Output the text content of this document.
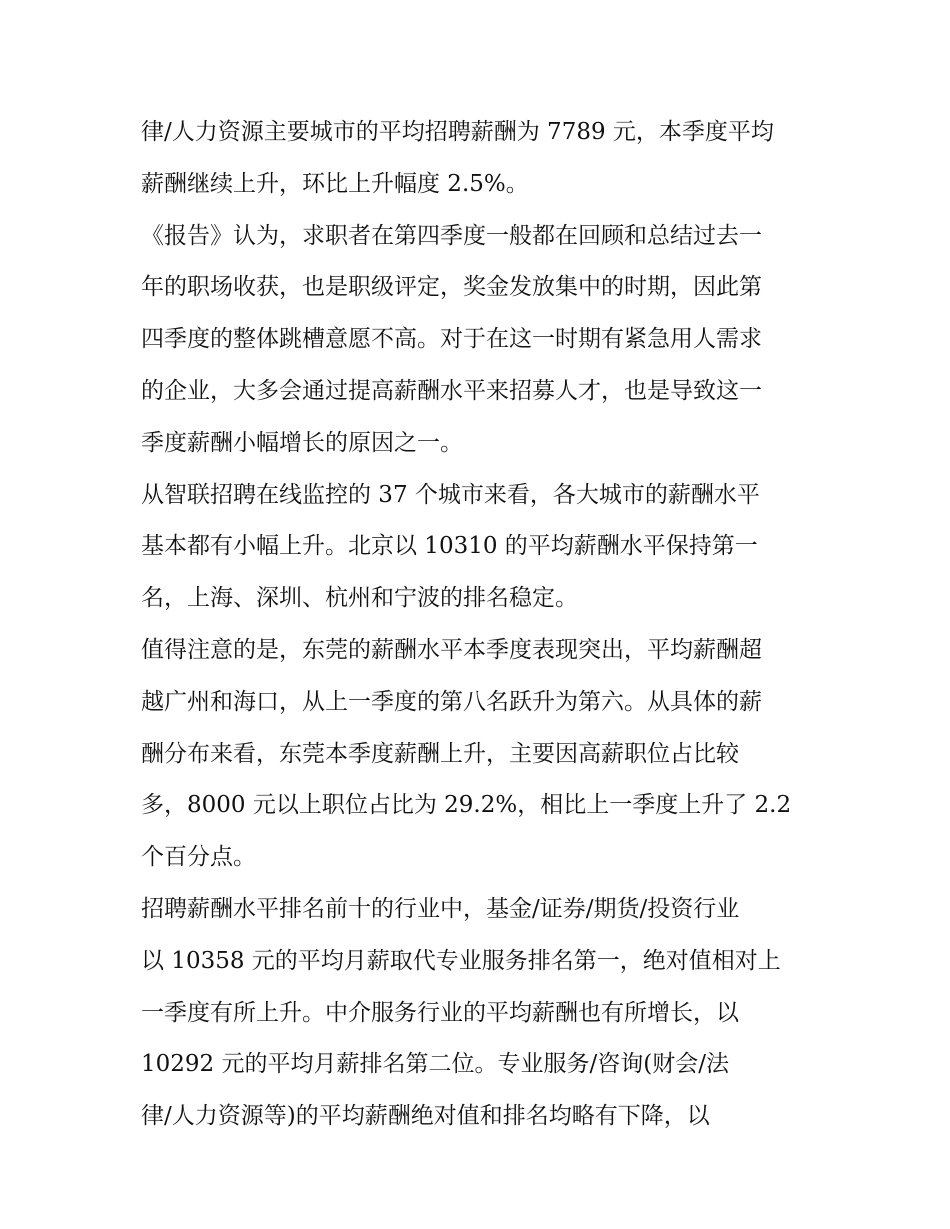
律/人力资源主要城市的平均招聘薪酬为 7789 元，本季度平均
薪酬继续上升，环比上升幅度 2.5%。
《报告》认为，求职者在第四季度一般都在回顾和总结过去一
年的职场收获，也是职级评定，奖金发放集中的时期，因此第
四季度的整体跳槽意愿不高。对于在这一时期有紧急用人需求
的企业，大多会通过提高薪酬水平来招募人才，也是导致这一
季度薪酬小幅增长的原因之一。
从智联招聘在线监控的 37 个城市来看，各大城市的薪酬水平
基本都有小幅上升。北京以 10310 的平均薪酬水平保持第一
名，上海、深圳、杭州和宁波的排名稳定。
值得注意的是，东莞的薪酬水平本季度表现突出，平均薪酬超
越广州和海口，从上一季度的第八名跃升为第六。从具体的薪
酬分布来看，东莞本季度薪酬上升，主要因高薪职位占比较
多，8000 元以上职位占比为 29.2%，相比上一季度上升了 2.2
个百分点。
招聘薪酬水平排名前十的行业中，基金/证券/期货/投资行业
以 10358 元的平均月薪取代专业服务排名第一，绝对值相对上
一季度有所上升。中介服务行业的平均薪酬也有所增长，以
10292 元的平均月薪排名第二位。专业服务/咨询(财会/法
律/人力资源等)的平均薪酬绝对值和排名均略有下降，以
